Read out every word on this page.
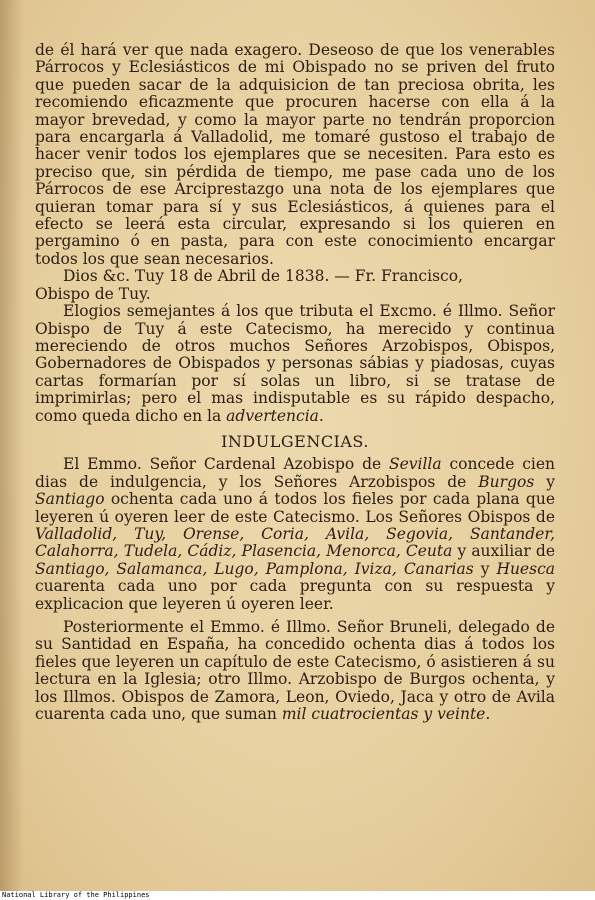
de él hará ver que nada exagero. Deseoso de que los venerables Párrocos y Eclesiásticos de mi Obispado no se priven del fruto que pueden sacar de la adquisicion de tan preciosa obrita, les recomiendo eficazmente que procuren hacerse con ella á la mayor brevedad, y como la mayor parte no tendrán proporcion para encargarla á Valladolid, me tomaré gustoso el trabajo de hacer venir todos los ejemplares que se necesiten. Para esto es preciso que, sin pérdida de tiempo, me pase cada uno de los Párrocos de ese Arciprestazgo una nota de los ejemplares que quieran tomar para sí y sus Eclesiásticos, á quienes para el efecto se leerá esta circular, expresando si los quieren en pergamino ó en pasta, para con este conocimiento encargar todos los que sean necesarios.

Dios &c. Tuy 18 de Abril de 1838. — Fr. Francisco,

Obispo de Tuy.

Elogios semejantes á los que tributa el Excmo. é Illmo. Señor Obispo de Tuy á este Catecismo, ha merecido y continua mereciendo de otros muchos Señores Arzobispos, Obispos, Gobernadores de Obispados y personas sábias y piadosas, cuyas cartas formarían por sí solas un libro, si se tratase de imprimirlas; pero el mas indisputable es su rápido despacho, como queda dicho en la advertencia.

INDULGENCIAS.

El Emmo. Señor Cardenal Azobispo de Sevilla concede cien dias de indulgencia, y los Señores Arzobispos de Burgos y Santiago ochenta cada uno á todos los fieles por cada plana que leyeren ú oyeren leer de este Catecismo. Los Señores Obispos de Valladolid, Tuy, Orense, Coria, Avila, Segovia, Santander, Calahorra, Tudela, Cádiz, Plasencia, Menorca, Ceuta y auxiliar de Santiago, Salamanca, Lugo, Pamplona, Iviza, Canarias y Huesca cuarenta cada uno por cada pregunta con su respuesta y explicacion que leyeren ú oyeren leer.

Posteriormente el Emmo. é Illmo. Señor Bruneli, delegado de su Santidad en España, ha concedido ochenta dias á todos los fieles que leyeren un capítulo de este Catecismo, ó asistieren á su lectura en la Iglesia; otro Illmo. Arzobispo de Burgos ochenta, y los Illmos. Obispos de Zamora, Leon, Oviedo, Jaca y otro de Avila cuarenta cada uno, que suman mil cuatrocientas y veinte.

National Library of the Philippines
